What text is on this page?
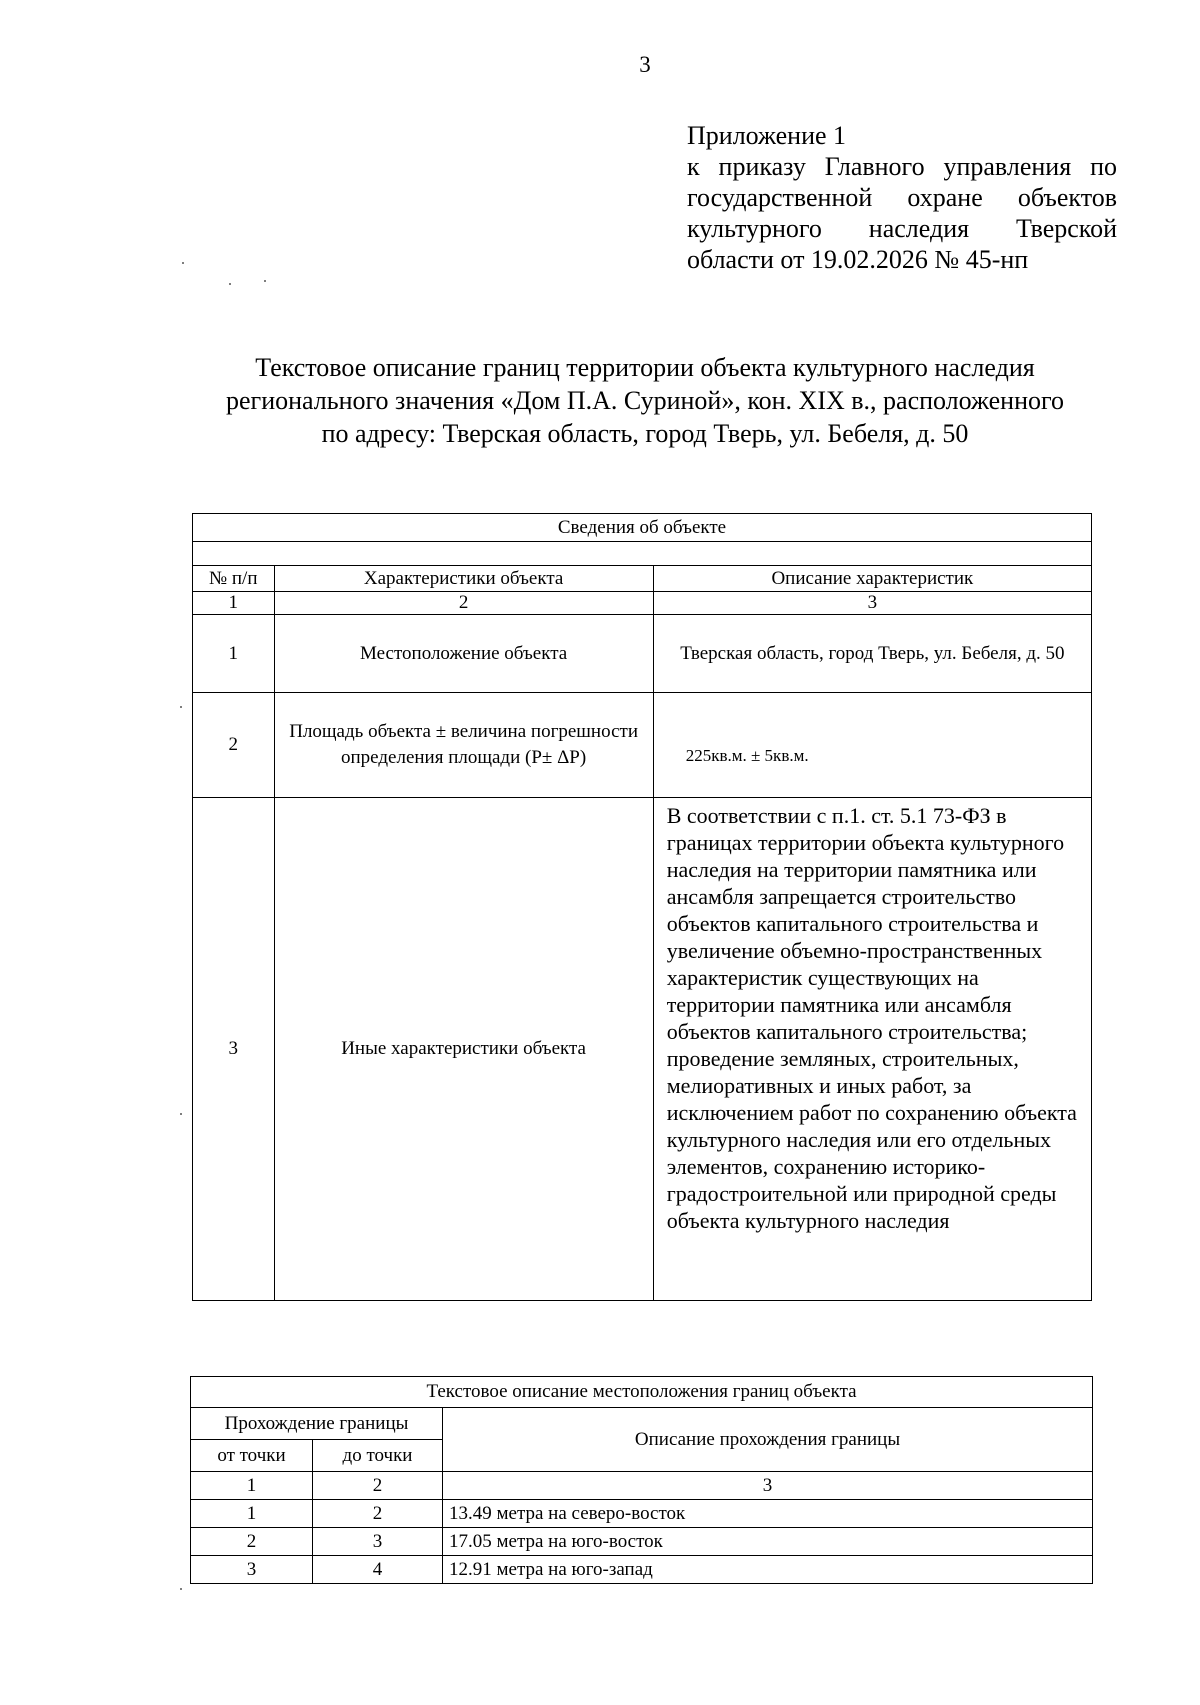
3
Приложение 1
к приказу Главного управления по
государственной охране объектов
культурного наследия Тверской
области от 19.02.2026 № 45-нп
Текстовое описание границ территории объекта культурного наследия
регионального значения «Дом П.А. Суриной», кон. XIX в., расположенного
по адресу: Тверская область, город Тверь, ул. Бебеля, д. 50
Сведения об объекте		

№ п/п	Характеристики объекта	Описание характеристик
1	2	3
1	Местоположение объекта	Тверская область, город Тверь, ул. Бебеля, д. 50
2	Площадь объекта ± величина погрешности определения площади (P± ΔP)	225кв.м. ± 5кв.м.
3	Иные характеристики объекта	В соответствии с п.1. ст. 5.1 73-ФЗ в границах территории объекта культурного наследия на территории памятника или ансамбля запрещается строительство объектов капитального строительства и увеличение объемно-пространственных характеристик существующих на территории памятника или ансамбля объектов капитального строительства; проведение земляных, строительных, мелиоративных и иных работ, за исключением работ по сохранению объекта культурного наследия или его отдельных элементов, сохранению историко-градостроительной или природной среды объекта культурного наследия
Текстовое описание местоположения границ объекта		
Прохождение границы		Описание прохождения границы
от точки	до точки	
1	2	3
1	2	13.49 метра на северо-восток
2	3	17.05 метра на юго-восток
3	4	12.91 метра на юго-запад
